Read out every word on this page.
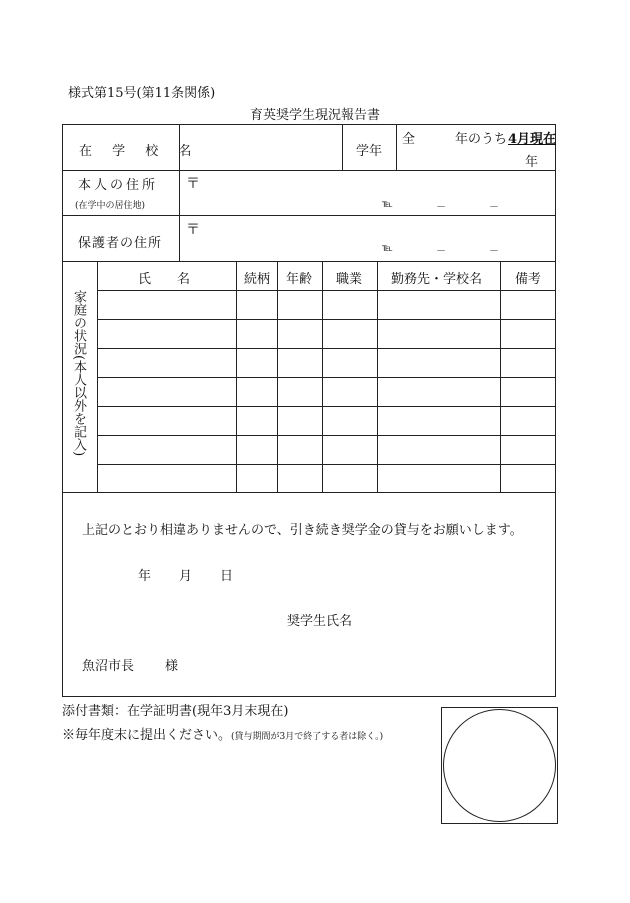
様式第15号(第11条関係)
育英奨学生現況報告書
在 学 校 名	学年
全	年のうち 4月現在
年
本人の住所
(在学中の居住地)
〒
℡	－	－
保護者の住所
〒
℡	－	－
家庭の状況(本人以外を記入)
氏　　名	続柄 年齢 職業 勤務先・学校名	備考
上記のとおり相違ありませんので、引き続き奨学金の貸与をお願いします。
年 月 日
奨学生氏名
魚沼市長 様
添付書類：在学証明書(現年3月末現在)
※毎年度末に提出ください。(貸与期間が3月で終了する者は除く。)
